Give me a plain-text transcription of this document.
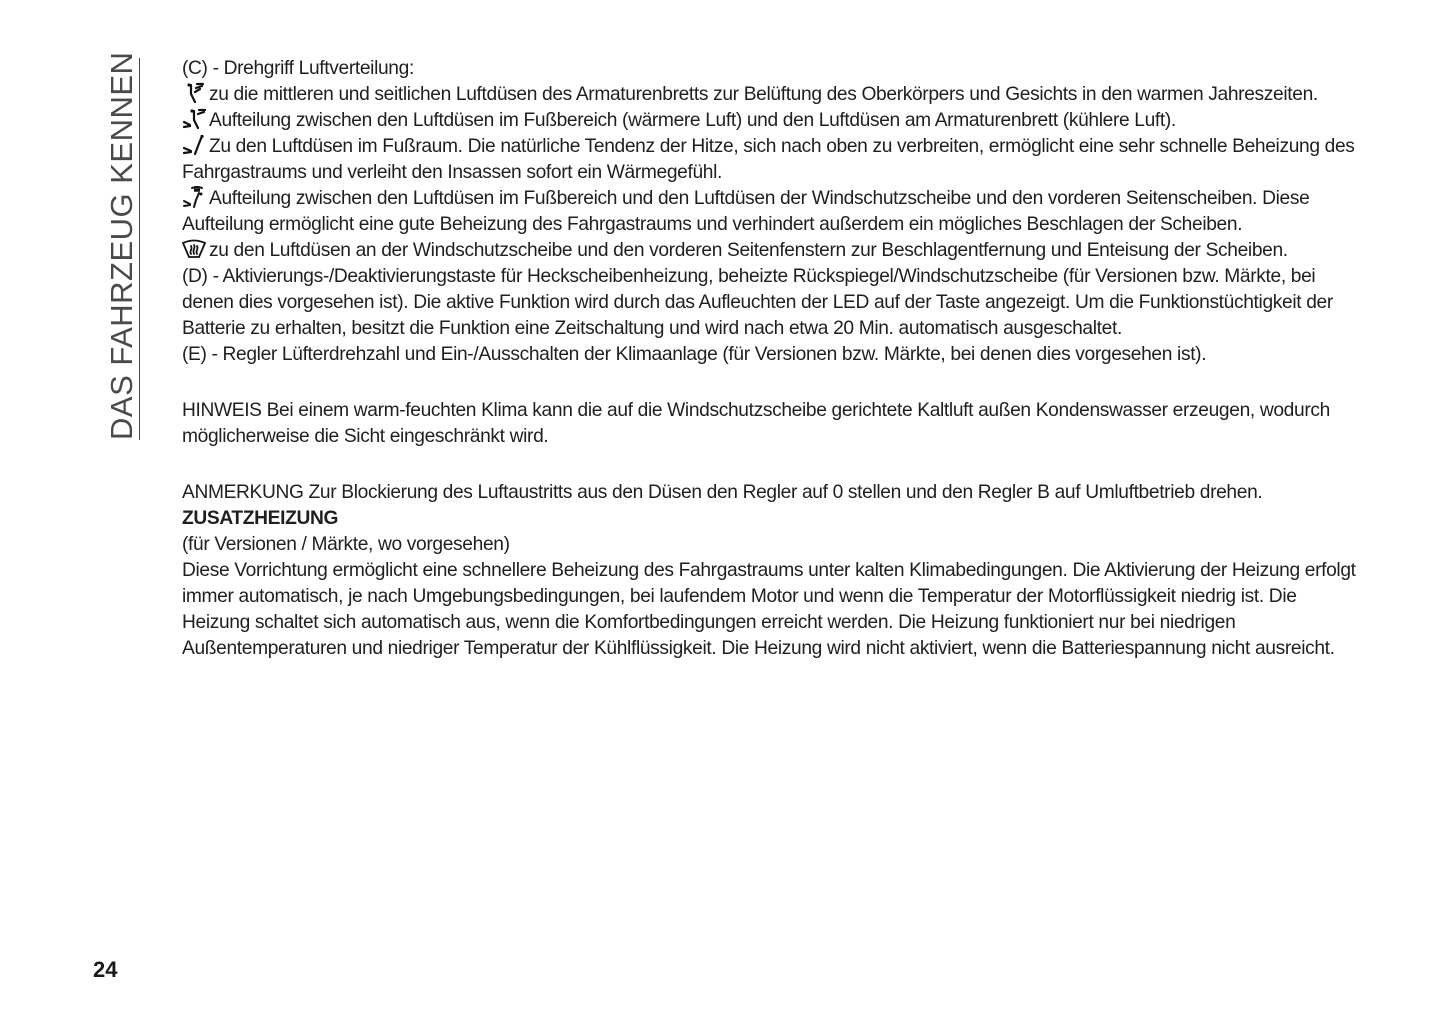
DAS FAHRZEUG KENNEN (C) - Drehgriff Luftverteilung:

zu die mittleren und seitlichen Luftdüsen des Armaturenbretts zur Belüftung des Oberkörpers und Gesichts in den warmen Jahreszeiten.

Aufteilung zwischen den Luftdüsen im Fußbereich (wärmere Luft) und den Luftdüsen am Armaturenbrett (kühlere Luft).

Zu den Luftdüsen im Fußraum. Die natürliche Tendenz der Hitze, sich nach oben zu verbreiten, ermöglicht eine sehr schnelle Beheizung des Fahrgastraums und verleiht den Insassen sofort ein Wärmegefühl.

Aufteilung zwischen den Luftdüsen im Fußbereich und den Luftdüsen der Windschutzscheibe und den vorderen Seitenscheiben. Diese Aufteilung ermöglicht eine gute Beheizung des Fahrgastraums und verhindert außerdem ein mögliches Beschlagen der Scheiben.

zu den Luftdüsen an der Windschutzscheibe und den vorderen Seitenfenstern zur Beschlagentfernung und Enteisung der Scheiben.

(D) - Aktivierungs-/Deaktivierungstaste für Heckscheibenheizung, beheizte Rückspiegel/Windschutzscheibe (für Versionen bzw. Märkte, bei denen dies vorgesehen ist). Die aktive Funktion wird durch das Aufleuchten der LED auf der Taste angezeigt. Um die Funktionstüchtigkeit der Batterie zu erhalten, besitzt die Funktion eine Zeitschaltung und wird nach etwa 20 Min. automatisch ausgeschaltet.

(E) - Regler Lüfterdrehzahl und Ein-/Ausschalten der Klimaanlage (für Versionen bzw. Märkte, bei denen dies vorgesehen ist).

HINWEIS Bei einem warm-feuchten Klima kann die auf die Windschutzscheibe gerichtete Kaltluft außen Kondenswasser erzeugen, wodurch möglicherweise die Sicht eingeschränkt wird.

ANMERKUNG Zur Blockierung des Luftaustritts aus den Düsen den Regler auf 0 stellen und den Regler B auf Umluftbetrieb drehen.

ZUSATZHEIZUNG

(für Versionen / Märkte, wo vorgesehen)

Diese Vorrichtung ermöglicht eine schnellere Beheizung des Fahrgastraums unter kalten Klimabedingungen. Die Aktivierung der Heizung erfolgt immer automatisch, je nach Umgebungsbedingungen, bei laufendem Motor und wenn die Temperatur der Motorflüssigkeit niedrig ist. Die Heizung schaltet sich automatisch aus, wenn die Komfortbedingungen erreicht werden. Die Heizung funktioniert nur bei niedrigen Außentemperaturen und niedriger Temperatur der Kühlflüssigkeit. Die Heizung wird nicht aktiviert, wenn die Batteriespannung nicht ausreicht.

24
